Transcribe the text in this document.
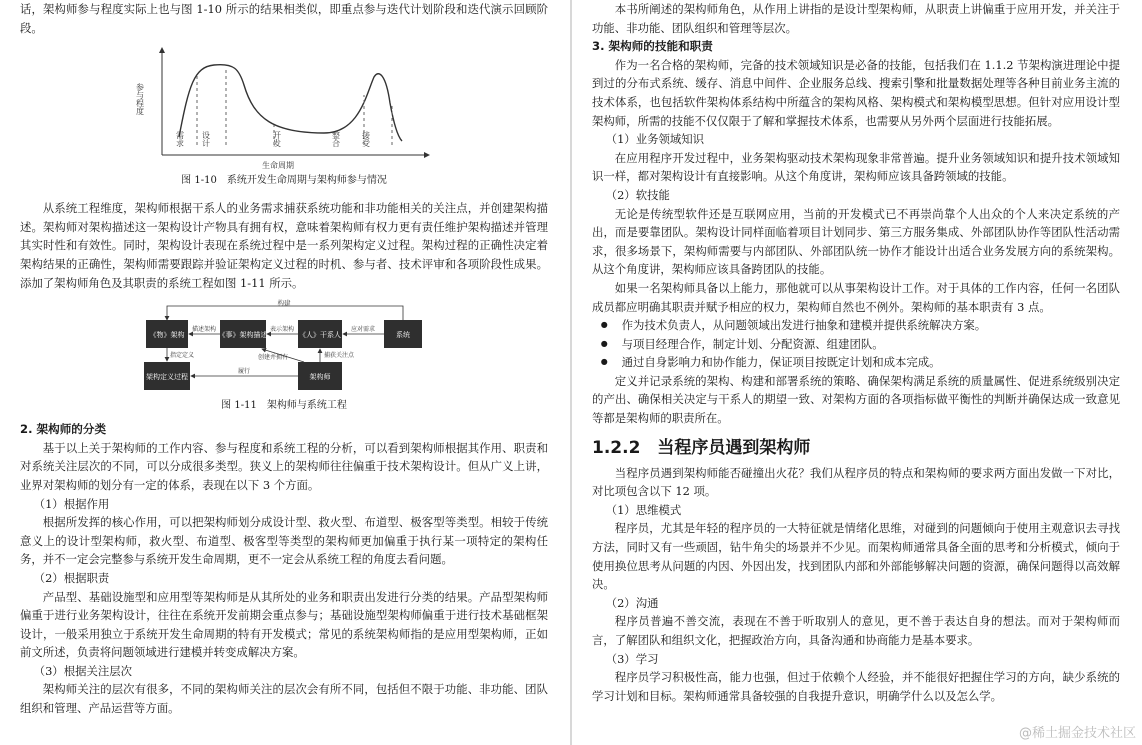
话，架构师参与程度实际上也与图 1-10 所示的结果相类似，即重点参与迭代计划阶段和迭代演示回顾阶段。

参与程度
需求 设计	开发	整合	接受
生命周期
图 1-10　系统开发生命周期与架构师参与情况

从系统工程维度，架构师根据干系人的业务需求捕获系统功能和非功能相关的关注点，并创建架构描述。架构师对架构描述这一架构设计产物具有拥有权，意味着架构师有权力更有责任维护架构描述并管理其实时性和有效性。同时，架构设计表现在系统过程中是一系列架构定义过程。架构过程的正确性决定着架构结果的正确性，架构师需要跟踪并验证架构定义过程的时机、参与者、技术评审和各项阶段性成果。添加了架构师角色及其职责的系统工程如图 1-11 所示。

《物》架构	《事》架构描述	《人》干系人	系统
架构定义过程	架构师
构建
描述架构	表示架构	应对需求
指定定义	创建并拥有	捕获关注点
履行
图 1-11　架构师与系统工程
2. 架构师的分类

基于以上关于架构师的工作内容、参与程度和系统工程的分析，可以看到架构师根据其作用、职责和对系统关注层次的不同，可以分成很多类型。狭义上的架构师往往偏重于技术架构设计。但从广义上讲，业界对架构师的划分有一定的体系，表现在以下 3 个方面。

（1）根据作用

根据所发挥的核心作用，可以把架构师划分成设计型、救火型、布道型、极客型等类型。相较于传统意义上的设计型架构师，救火型、布道型、极客型等类型的架构师更加偏重于执行某一项特定的架构任务，并不一定会完整参与系统开发生命周期，更不一定会从系统工程的角度去看问题。

（2）根据职责

产品型、基础设施型和应用型等架构师是从其所处的业务和职责出发进行分类的结果。产品型架构师偏重于进行业务架构设计，往往在系统开发前期会重点参与；基础设施型架构师偏重于进行技术基础框架设计，一般采用独立于系统开发生命周期的特有开发模式；常见的系统架构师指的是应用型架构师，正如前文所述，负责将问题领域进行建模并转变成解决方案。

（3）根据关注层次

架构师关注的层次有很多，不同的架构师关注的层次会有所不同，包括但不限于功能、非功能、团队组织和管理、产品运营等方面。

本书所阐述的架构师角色，从作用上讲指的是设计型架构师，从职责上讲偏重于应用开发，并关注于功能、非功能、团队组织和管理等层次。

3. 架构师的技能和职责

作为一名合格的架构师，完备的技术领域知识是必备的技能，包括我们在 1.1.2 节架构演进理论中提到过的分布式系统、缓存、消息中间件、企业服务总线、搜索引擎和批量数据处理等各种目前业务主流的技术体系，也包括软件架构体系结构中所蕴含的架构风格、架构模式和架构模型思想。但针对应用设计型架构师，所需的技能不仅仅限于了解和掌握技术体系，也需要从另外两个层面进行技能拓展。

（1）业务领域知识

在应用程序开发过程中，业务架构驱动技术架构现象非常普遍。提升业务领域知识和提升技术领域知识一样，都对架构设计有直接影响。从这个角度讲，架构师应该具备跨领域的技能。

（2）软技能

无论是传统型软件还是互联网应用，当前的开发模式已不再崇尚靠个人出众的个人来决定系统的产出，而是要靠团队。架构设计同样面临着项目计划同步、第三方服务集成、外部团队协作等团队性活动需求，很多场景下，架构师需要与内部团队、外部团队统一协作才能设计出适合业务发展方向的系统架构。从这个角度讲，架构师应该具备跨团队的技能。

如果一名架构师具备以上能力，那他就可以从事架构设计工作。对于具体的工作内容，任何一名团队成员都应明确其职责并赋予相应的权力，架构师自然也不例外。架构师的基本职责有 3 点。

● 作为技术负责人，从问题领域出发进行抽象和建模并提供系统解决方案。
● 与项目经理合作，制定计划、分配资源、组建团队。
● 通过自身影响力和协作能力，保证项目按既定计划和成本完成。

定义并记录系统的架构、构建和部署系统的策略、确保架构满足系统的质量属性、促进系统级别决定的产出、确保相关决定与干系人的期望一致、对架构方面的各项指标做平衡性的判断并确保达成一致意见等都是架构师的职责所在。

1.2.2　当程序员遇到架构师

当程序员遇到架构师能否碰撞出火花？我们从程序员的特点和架构师的要求两方面出发做一下对比，对比项包含以下 12 项。

（1）思维模式

程序员，尤其是年轻的程序员的一大特征就是情绪化思维，对碰到的问题倾向于使用主观意识去寻找方法，同时又有一些顽固，钻牛角尖的场景并不少见。而架构师通常具备全面的思考和分析模式，倾向于使用换位思考从问题的内因、外因出发，找到团队内部和外部能够解决问题的资源，确保问题得以高效解决。

（2）沟通

程序员普遍不善交流，表现在不善于听取别人的意见，更不善于表达自身的想法。而对于架构师而言，了解团队和组织文化，把握政治方向，具备沟通和协商能力是基本要求。

（3）学习

程序员学习积极性高，能力也强，但过于依赖个人经验，并不能很好把握住学习的方向，缺少系统的学习计划和目标。架构师通常具备较强的自我提升意识，明确学什么以及怎么学。

@稀土掘金技术社区
